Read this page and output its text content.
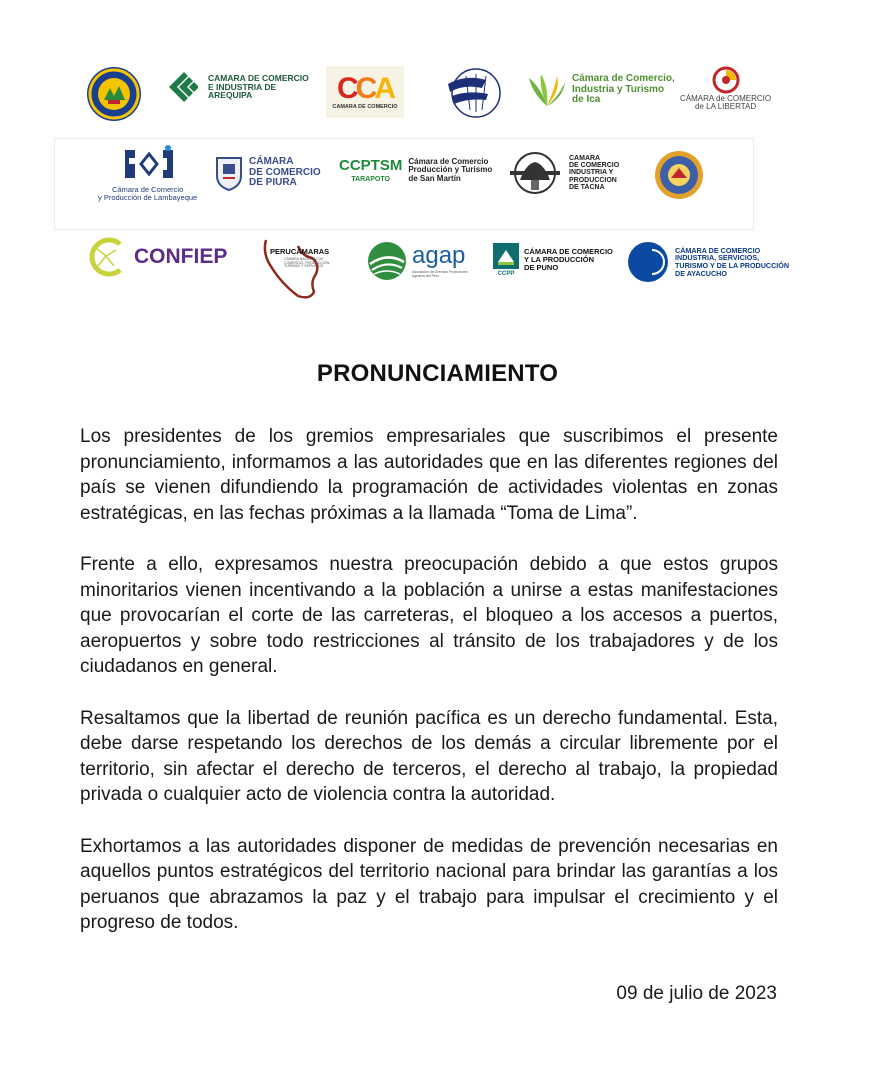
CAMARA DE COMERCIO
E INDUSTRIA DE
AREQUIPA	CCA
CAMARA DE COMERCIO
Cámara de Comercio,
Industria y Turismo
de Ica	CÁMARA de COMERCIO
de LA LIBERTAD
Cámara de Comercio
y Producción de Lambayeque
CÁMARA
DE COMERCIO
DE PIURA
CCPTSM
TARAPOTO
Cámara de Comercio
Producción y Turismo
de San Martín
CAMARA
DE COMERCIO
INDUSTRIA Y
PRODUCCION
DE TACNA
CONFIEP	PERUCÁMARAS
CÁMARA NACIONAL DE COMERCIO, PRODUCCIÓN, TURISMO Y SERVICIOS	agap
Asociación de Gremios Productores Agrarios del Perú	CCPP
CÁMARA DE COMERCIO
Y LA PRODUCCIÓN
DE PUNO
CÁMARA DE COMERCIO
INDUSTRIA, SERVICIOS,
TURISMO Y DE LA PRODUCCIÓN
DE AYACUCHO
PRONUNCIAMIENTO

Los presidentes de los gremios empresariales que suscribimos el presente pronunciamiento, informamos a las autoridades que en las diferentes regiones del país se vienen difundiendo la programación de actividades violentas en zonas estratégicas, en las fechas próximas a la llamada “Toma de Lima”.

Frente a ello, expresamos nuestra preocupación debido a que estos grupos minoritarios vienen incentivando a la población a unirse a estas manifestaciones que provocarían el corte de las carreteras, el bloqueo a los accesos a puertos, aeropuertos y sobre todo restricciones al tránsito de los trabajadores y de los ciudadanos en general.

Resaltamos que la libertad de reunión pacífica es un derecho fundamental. Esta, debe darse respetando los derechos de los demás a circular libremente por el territorio, sin afectar el derecho de terceros, el derecho al trabajo, la propiedad privada o cualquier acto de violencia contra la autoridad.

Exhortamos a las autoridades disponer de medidas de prevención necesarias en aquellos puntos estratégicos del territorio nacional para brindar las garantías a los peruanos que abrazamos la paz y el trabajo para impulsar el crecimiento y el progreso de todos.

09 de julio de 2023
